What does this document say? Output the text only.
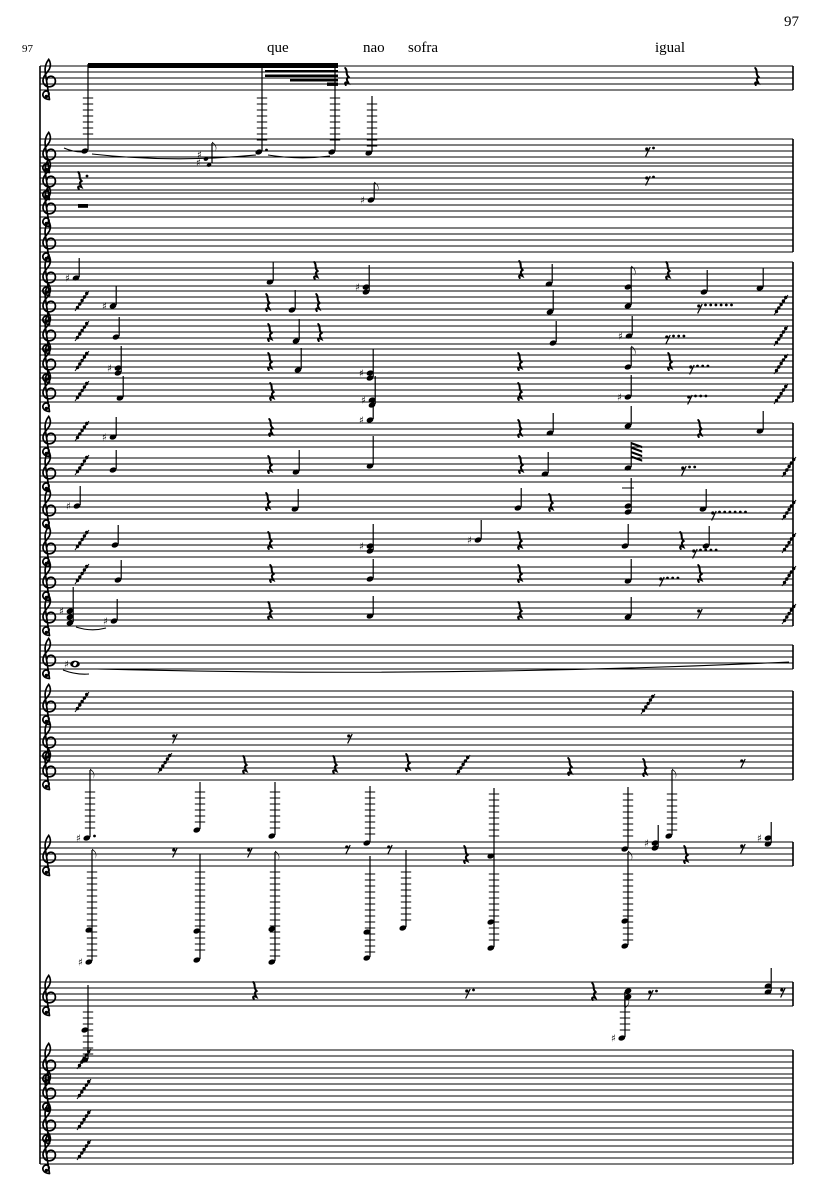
97
97	que	nao sofra	igual
♯
♯
♯
♯
♯
♯
♯
♯	♯
♯	♯
♯
♯
♯
♯
♯
♯
♯
♯
♯	♯	♯
♯
♯
